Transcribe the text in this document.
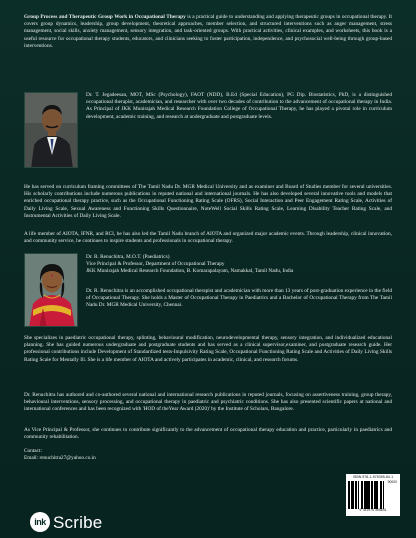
Group Process and Therapeutic Group Work in Occupational Therapy is a practical guide to understanding and applying therapeutic groups in occupational therapy. It covers group dynamics, leadership, group development, theoretical approaches, member selection, and structured interventions such as anger management, stress management, social skills, anxiety management, sensory integration, and task-oriented groups. With practical activities, clinical examples, and worksheets, this book is a useful resource for occupational therapy students, educators, and clinicians seeking to foster participation, independence, and psychosocial well-being through group-based interventions.
Dr. T. Jegadeesan, MOT, MSc (Psychology), FAOT (NDD), B.Ed (Special Education), PG Dip. Biostatistics, PhD, is a distinguished occupational therapist, academician, and researcher with over two decades of contribution to the advancement of occupational therapy in India. As Principal of JKK Munirajah Medical Research Foundation College of Occupational Therapy, he has played a pivotal role in curriculum development, academic training, and research at undergraduate and postgraduate levels.
He has served on curriculum framing committees of The Tamil Nadu Dr. MGR Medical University and as examiner and Board of Studies member for several universities. His scholarly contributions include numerous publications in reputed national and international journals. He has also developed several innovative tools and models that enriched occupational therapy practice, such as the Occupational Functioning Rating Scale (OFRS), Social Interaction and Peer Engagement Rating Scale, Activities of Daily Living Scale, Sexual Awareness and Functioning Skills Questionnaire, NoteWell Social Skills Rating Scale, Learning Disability Teacher Rating Scale, and Instrumental Activities of Daily Living Scale.
A life member of AIOTA, IFNR, and RCI, he has also led the Tamil Nadu branch of AIOTA and organized major academic events. Through leadership, clinical innovation, and community service, he continues to inspire students and professionals in occupational therapy.
Dr. R. Renuchitra, M.O.T. (Paediatrics)
Vice Principal & Professor, Department of Occupational Therapy
JKK Munirajah Medical Research Foundation, B. Komarapalayam, Namakkal, Tamil Nadu, India
Dr. R. Renuchitra is an accomplished occupational therapist and academician with more than 13 years of post-graduation experience in the field of Occupational Therapy. She holds a Master of Occupational Therapy in Paediatrics and a Bachelor of Occupational Therapy from The Tamil Nadu Dr. MGR Medical University, Chennai.
She specializes in paediatric occupational therapy, splinting, behavioural modification, neurodevelopmental therapy, sensory integration, and individualized educational planning. She has guided numerous undergraduate and postgraduate students and has served as a clinical supervisor,examiner, and postgraduate research guide. Her professional contributions include Development of Standardized tests-Impulsivity Rating Scale, Occupational Functioning Rating Scale and Activities of Daily Living Skills Rating Scale for Mentally Ill. She is a life member of AIOTA and actively participates in academic, clinical, and research forums.
Dr. Renuchitra has authored and co-authored several national and international research publications in reputed journals, focusing on assertiveness training, group therapy, behavioural interventions, sensory processing, and occupational therapy in paediatric and psychiatric conditions. She has also presented scientific papers at national and international conferences and has been recognized with 'HOD of theYear Award (2020)' by the Institute of Scholars, Bangalore.
As Vice Principal & Professor, she continues to contribute significantly to the advancement of occupational therapy education and practice, particularly in paediatrics and community rehabilitation.
Contact:
Email: renuchitra27@yahoo.co.in
ISBN 978-1-975395-84-1
90000
9 781975 395841
ink Scribe
